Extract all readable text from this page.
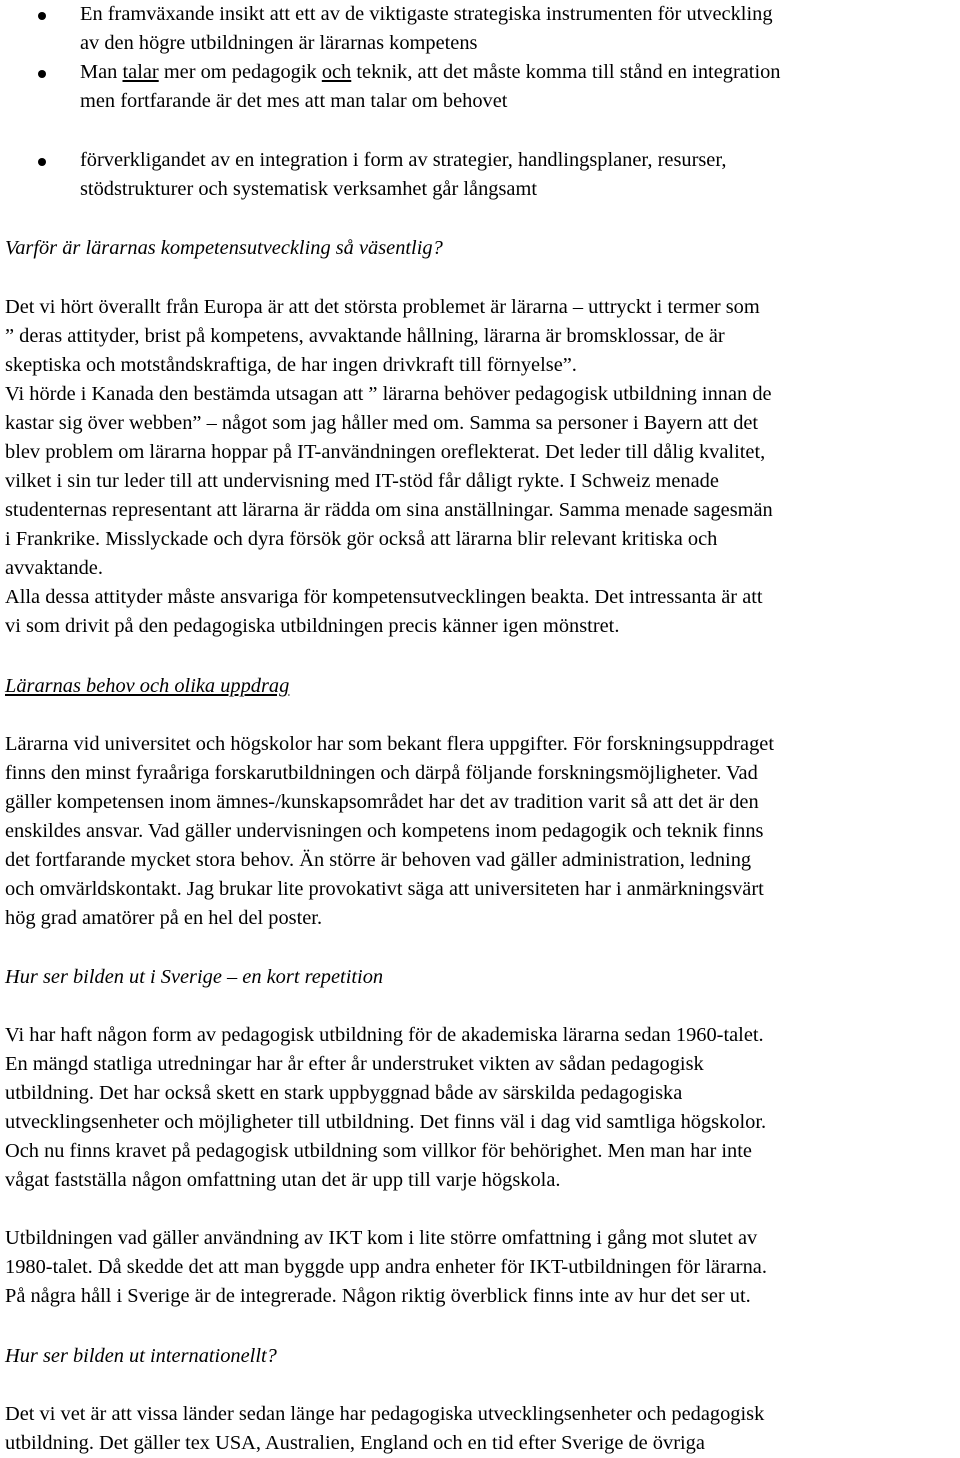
En framväxande insikt att ett av de viktigaste strategiska instrumenten för utveckling
av den högre utbildningen är lärarnas kompetens
Man talar mer om pedagogik och teknik, att det måste komma till stånd en integration
men fortfarande är det mes att man talar om behovet
förverkligandet av en integration i form av strategier, handlingsplaner, resurser,
stödstrukturer och systematisk verksamhet går långsamt
Varför är lärarnas kompetensutveckling så väsentlig?
Det vi hört överallt från Europa är att det största problemet är lärarna – uttryckt i termer som
” deras attityder, brist på kompetens, avvaktande hållning, lärarna är bromsklossar, de är
skeptiska och motståndskraftiga, de har ingen drivkraft till förnyelse”.
Vi hörde i Kanada den bestämda utsagan att ” lärarna behöver pedagogisk utbildning innan de
kastar sig över webben” – något som jag håller med om. Samma sa personer i Bayern att det
blev problem om lärarna hoppar på IT-användningen oreflekterat. Det leder till dålig kvalitet,
vilket i sin tur leder till att undervisning med IT-stöd får dåligt rykte. I Schweiz menade
studenternas representant att lärarna är rädda om sina anställningar. Samma menade sagesmän
i Frankrike. Misslyckade och dyra försök gör också att lärarna blir relevant kritiska och
avvaktande.
Alla dessa attityder måste ansvariga för kompetensutvecklingen beakta. Det intressanta är att
vi som drivit på den pedagogiska utbildningen precis känner igen mönstret.
Lärarnas behov och olika uppdrag
Lärarna vid universitet och högskolor har som bekant flera uppgifter. För forskningsuppdraget
finns den minst fyraåriga forskarutbildningen och därpå följande forskningsmöjligheter. Vad
gäller kompetensen inom ämnes-/kunskapsområdet har det av tradition varit så att det är den
enskildes ansvar. Vad gäller undervisningen och kompetens inom pedagogik och teknik finns
det fortfarande mycket stora behov. Än större är behoven vad gäller administration, ledning
och omvärldskontakt. Jag brukar lite provokativt säga att universiteten har i anmärkningsvärt
hög grad amatörer på en hel del poster.
Hur ser bilden ut i Sverige – en kort repetition
Vi har haft någon form av pedagogisk utbildning för de akademiska lärarna sedan 1960-talet.
En mängd statliga utredningar har år efter år understruket vikten av sådan pedagogisk
utbildning. Det har också skett en stark uppbyggnad både av särskilda pedagogiska
utvecklingsenheter och möjligheter till utbildning. Det finns väl i dag vid samtliga högskolor.
Och nu finns kravet på pedagogisk utbildning som villkor för behörighet. Men man har inte
vågat fastställa någon omfattning utan det är upp till varje högskola.
Utbildningen vad gäller användning av IKT kom i lite större omfattning i gång mot slutet av
1980-talet. Då skedde det att man byggde upp andra enheter för IKT-utbildningen för lärarna.
På några håll i Sverige är de integrerade. Någon riktig överblick finns inte av hur det ser ut.
Hur ser bilden ut internationellt?
Det vi vet är att vissa länder sedan länge har pedagogiska utvecklingsenheter och pedagogisk
utbildning. Det gäller tex USA, Australien, England och en tid efter Sverige de övriga
